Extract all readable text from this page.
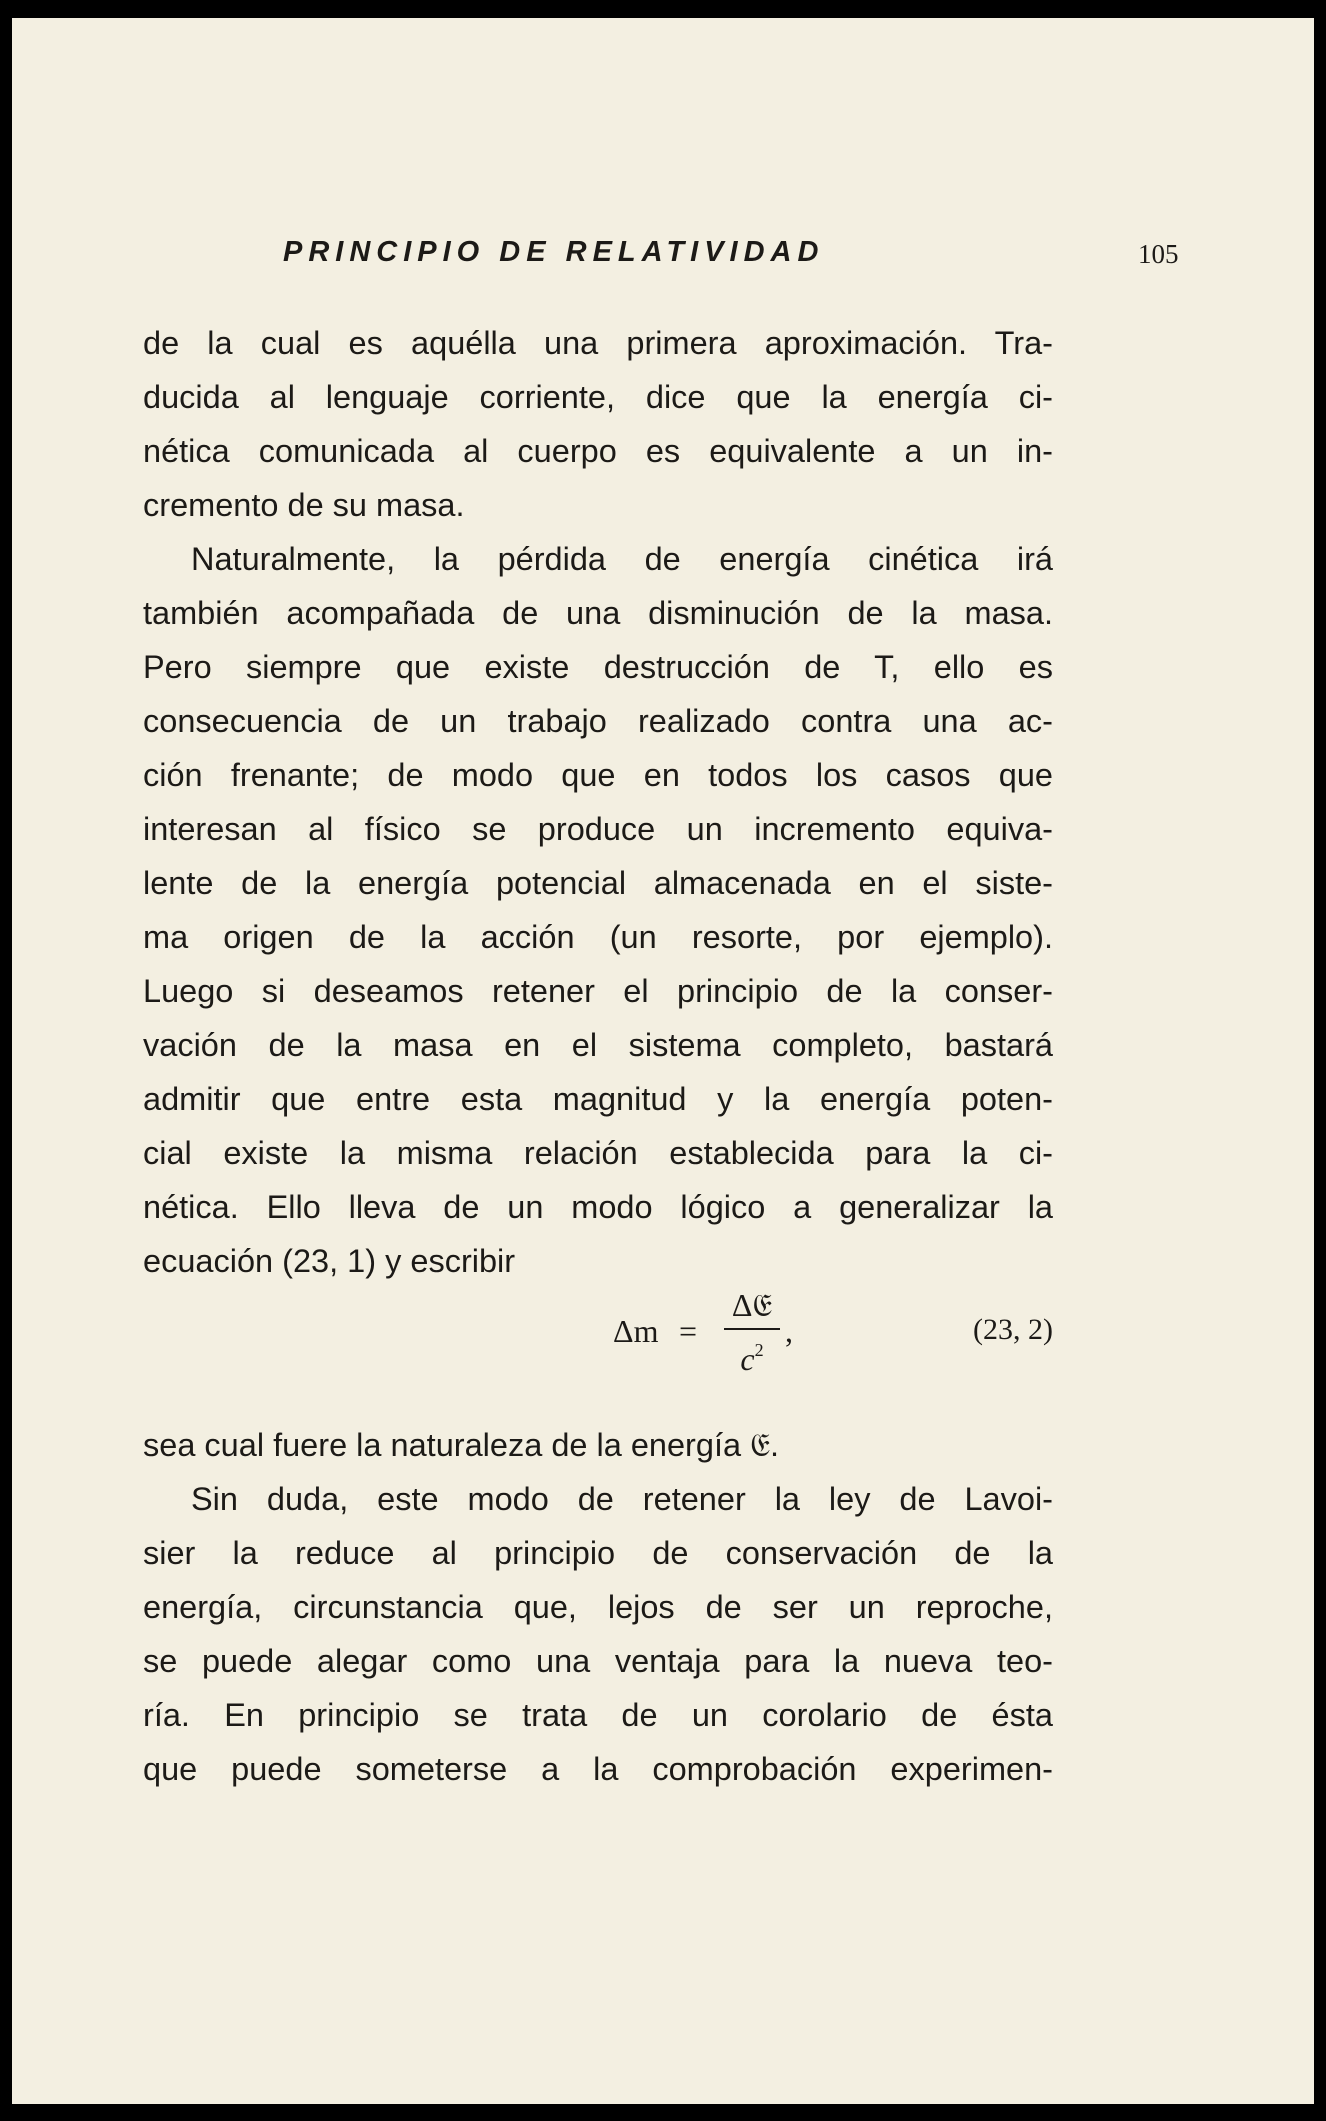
PRINCIPIO DE RELATIVIDAD	105
de la cual es aquélla una primera aproximación. Tra-
ducida al lenguaje corriente, dice que la energía ci-
nética comunicada al cuerpo es equivalente a un in-
cremento de su masa.
Naturalmente, la pérdida de energía cinética irá
también acompañada de una disminución de la masa.
Pero siempre que existe destrucción de T, ello es
consecuencia de un trabajo realizado contra una ac-
ción frenante; de modo que en todos los casos que
interesan al físico se produce un incremento equiva-
lente de la energía potencial almacenada en el siste-
ma origen de la acción (un resorte, por ejemplo).
Luego si deseamos retener el principio de la conser-
vación de la masa en el sistema completo, bastará
admitir que entre esta magnitud y la energía poten-
cial existe la misma relación establecida para la ci-
nética. Ello lleva de un modo lógico a generalizar la
ecuación (23, 1) y escribir
Δm =
Δ𝔈
$c^2$
,	(23, 2)
sea cual fuere la naturaleza de la energía 𝔈.
Sin duda, este modo de retener la ley de Lavoi-
sier la reduce al principio de conservación de la
energía, circunstancia que, lejos de ser un reproche,
se puede alegar como una ventaja para la nueva teo-
ría. En principio se trata de un corolario de ésta
que puede someterse a la comprobación experimen-
